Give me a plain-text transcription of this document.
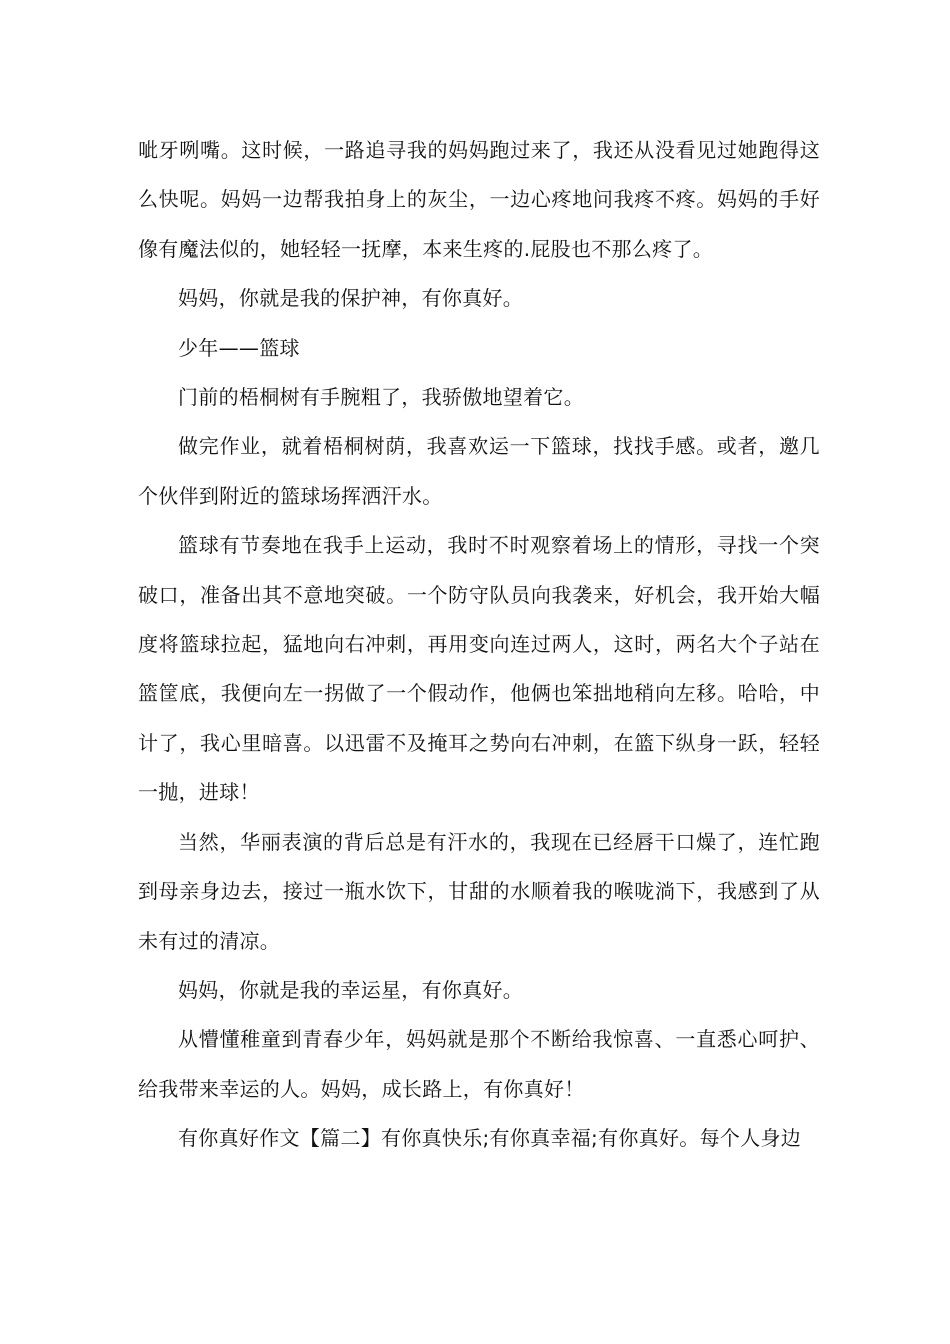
呲牙咧嘴。这时候，一路追寻我的妈妈跑过来了，我还从没看见过她跑得这么快呢。妈妈一边帮我拍身上的灰尘，一边心疼地问我疼不疼。妈妈的手好像有魔法似的，她轻轻一抚摩，本来生疼的.屁股也不那么疼了。

妈妈，你就是我的保护神，有你真好。

少年——篮球

门前的梧桐树有手腕粗了，我骄傲地望着它。

做完作业，就着梧桐树荫，我喜欢运一下篮球，找找手感。或者，邀几个伙伴到附近的篮球场挥洒汗水。

篮球有节奏地在我手上运动，我时不时观察着场上的情形，寻找一个突破口，准备出其不意地突破。一个防守队员向我袭来，好机会，我开始大幅度将篮球拉起，猛地向右冲刺，再用变向连过两人，这时，两名大个子站在篮筐底，我便向左一拐做了一个假动作，他俩也笨拙地稍向左移。哈哈，中计了，我心里暗喜。以迅雷不及掩耳之势向右冲刺，在篮下纵身一跃，轻轻一抛，进球！

当然，华丽表演的背后总是有汗水的，我现在已经唇干口燥了，连忙跑到母亲身边去，接过一瓶水饮下，甘甜的水顺着我的喉咙淌下，我感到了从未有过的清凉。

妈妈，你就是我的幸运星，有你真好。

从懵懂稚童到青春少年，妈妈就是那个不断给我惊喜、一直悉心呵护、给我带来幸运的人。妈妈，成长路上，有你真好！

有你真好作文【篇二】有你真快乐;有你真幸福;有你真好。每个人身边
